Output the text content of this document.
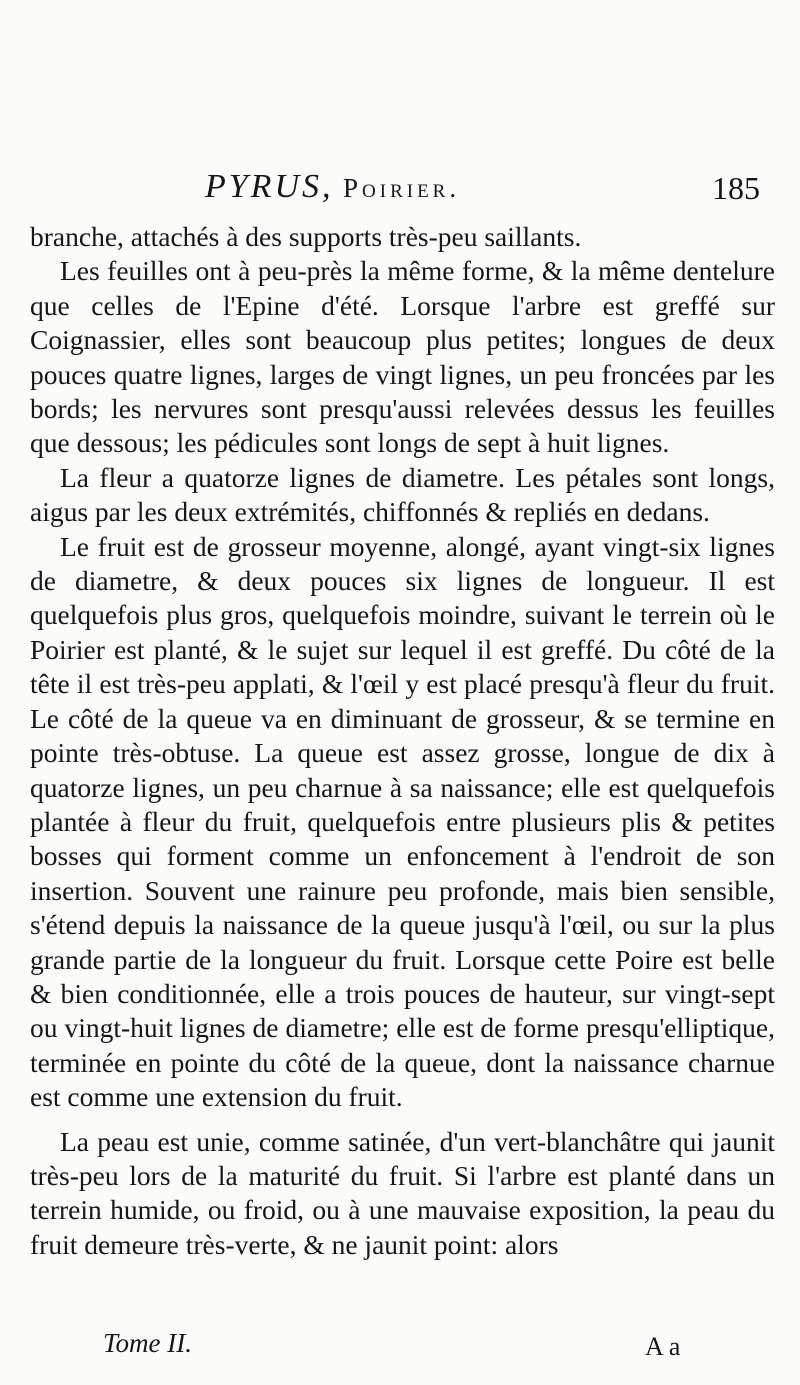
PYRUS, Poirier.	185

branche, attachés à des supports très-peu saillants.

Les feuilles ont à peu-près la même forme, & la même dentelure que celles de l'Epine d'été. Lorsque l'arbre est greffé sur Coignassier, elles sont beaucoup plus petites; longues de deux pouces quatre lignes, larges de vingt lignes, un peu froncées par les bords; les nervures sont presqu'aussi relevées dessus les feuilles que dessous; les pédicules sont longs de sept à huit lignes.

La fleur a quatorze lignes de diametre. Les pétales sont longs, aigus par les deux extrémités, chiffonnés & repliés en dedans.

Le fruit est de grosseur moyenne, alongé, ayant vingt-six lignes de diametre, & deux pouces six lignes de longueur. Il est quelquefois plus gros, quelquefois moindre, suivant le terrein où le Poirier est planté, & le sujet sur lequel il est greffé. Du côté de la tête il est très-peu applati, & l'œil y est placé presqu'à fleur du fruit. Le côté de la queue va en diminuant de grosseur, & se termine en pointe très-obtuse. La queue est assez grosse, longue de dix à quatorze lignes, un peu charnue à sa naissance; elle est quelquefois plantée à fleur du fruit, quelquefois entre plusieurs plis & petites bosses qui forment comme un enfoncement à l'endroit de son insertion. Souvent une rainure peu profonde, mais bien sensible, s'étend depuis la naissance de la queue jusqu'à l'œil, ou sur la plus grande partie de la longueur du fruit. Lorsque cette Poire est belle & bien conditionnée, elle a trois pouces de hauteur, sur vingt-sept ou vingt-huit lignes de diametre; elle est de forme presqu'elliptique, terminée en pointe du côté de la queue, dont la naissance charnue est comme une extension du fruit.

La peau est unie, comme satinée, d'un vert-blanchâtre qui jaunit très-peu lors de la maturité du fruit. Si l'arbre est planté dans un terrein humide, ou froid, ou à une mauvaise exposition, la peau du fruit demeure très-verte, & ne jaunit point: alors

Tome II.	A a
